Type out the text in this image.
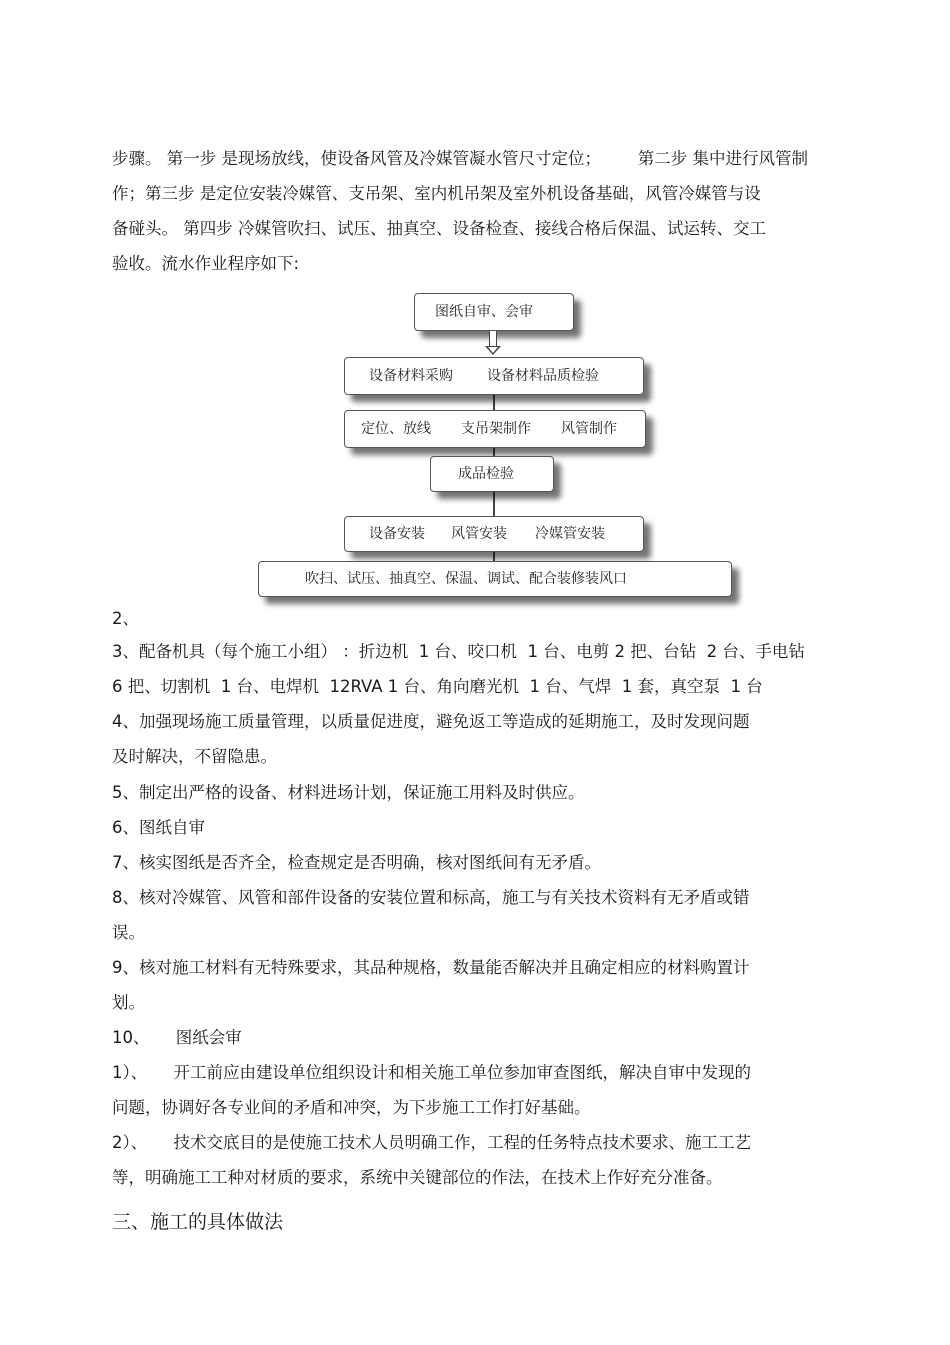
步骤。 第一步 是现场放线，使设备风管及冷媒管凝水管尺寸定位；       第二步 集中进行风管制

作；第三步 是定位安装冷媒管、支吊架、室内机吊架及室外机设备基础，风管冷媒管与设

备碰头。 第四步 冷媒管吹扫、试压、抽真空、设备检查、接线合格后保温、试运转、交工

验收。流水作业程序如下:

图纸自审、会审
设备材料采购 设备材料品质检验
定位、放线 支吊架制作 风管制作
成品检验
设备安装 风管安装 冷媒管安装
吹扫、试压、抽真空、保温、调试、配合装修装风口

2、

3、配备机具（每个施工小组） ：折边机  1 台、咬口机  1 台、电剪 2 把、台钻  2 台、手电钻

6 把、切割机  1 台、电焊机  12RVA 1 台、角向磨光机  1 台、气焊  1 套，真空泵  1 台

4、加强现场施工质量管理，以质量促进度，避免返工等造成的延期施工，及时发现问题

及时解决，不留隐患。

5、制定出严格的设备、材料进场计划，保证施工用料及时供应。

6、图纸自审

7、核实图纸是否齐全，检查规定是否明确，核对图纸间有无矛盾。

8、核对冷媒管、风管和部件设备的安装位置和标高，施工与有关技术资料有无矛盾或错

误。

9、核对施工材料有无特殊要求，其品种规格，数量能否解决并且确定相应的材料购置计

划。

10、     图纸会审

1）、     开工前应由建设单位组织设计和相关施工单位参加审查图纸，解决自审中发现的

问题，协调好各专业间的矛盾和冲突，为下步施工工作打好基础。

2）、     技术交底目的是使施工技术人员明确工作，工程的任务特点技术要求、施工工艺

等，明确施工工种对材质的要求，系统中关键部位的作法，在技术上作好充分准备。

三、施工的具体做法
